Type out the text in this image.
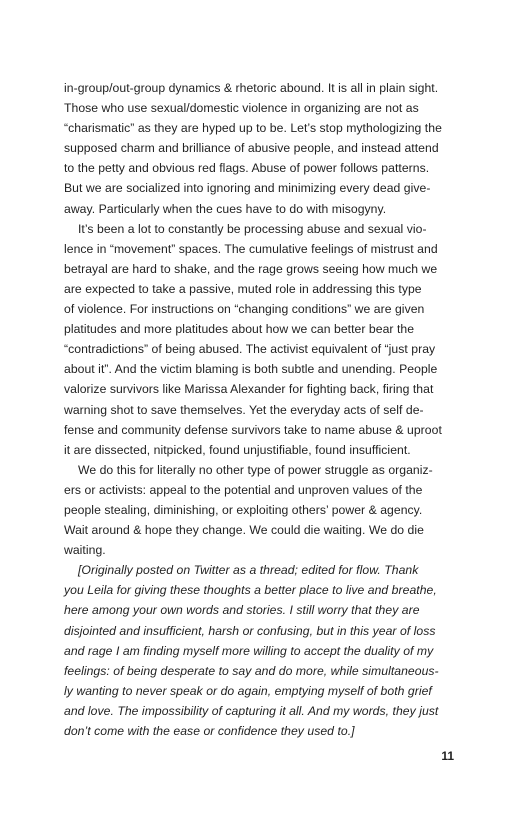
in-group/out-group dynamics & rhetoric abound. It is all in plain sight.
Those who use sexual/domestic violence in organizing are not as
“charismatic” as they are hyped up to be. Let’s stop mythologizing the
supposed charm and brilliance of abusive people, and instead attend
to the petty and obvious red flags. Abuse of power follows patterns.
But we are socialized into ignoring and minimizing every dead give-
away. Particularly when the cues have to do with misogyny.
It’s been a lot to constantly be processing abuse and sexual vio-
lence in “movement” spaces. The cumulative feelings of mistrust and
betrayal are hard to shake, and the rage grows seeing how much we
are expected to take a passive, muted role in addressing this type
of violence. For instructions on “changing conditions” we are given
platitudes and more platitudes about how we can better bear the
“contradictions” of being abused. The activist equivalent of “just pray
about it”. And the victim blaming is both subtle and unending. People
valorize survivors like Marissa Alexander for fighting back, firing that
warning shot to save themselves. Yet the everyday acts of self de-
fense and community defense survivors take to name abuse & uproot
it are dissected, nitpicked, found unjustifiable, found insufficient.
We do this for literally no other type of power struggle as organiz-
ers or activists: appeal to the potential and unproven values of the
people stealing, diminishing, or exploiting others’ power & agency.
Wait around & hope they change. We could die waiting. We do die
waiting.
[Originally posted on Twitter as a thread; edited for flow. Thank
you Leila for giving these thoughts a better place to live and breathe,
here among your own words and stories. I still worry that they are
disjointed and insufficient, harsh or confusing, but in this year of loss
and rage I am finding myself more willing to accept the duality of my
feelings: of being desperate to say and do more, while simultaneous-
ly wanting to never speak or do again, emptying myself of both grief
and love. The impossibility of capturing it all. And my words, they just
don’t come with the ease or confidence they used to.]
11
